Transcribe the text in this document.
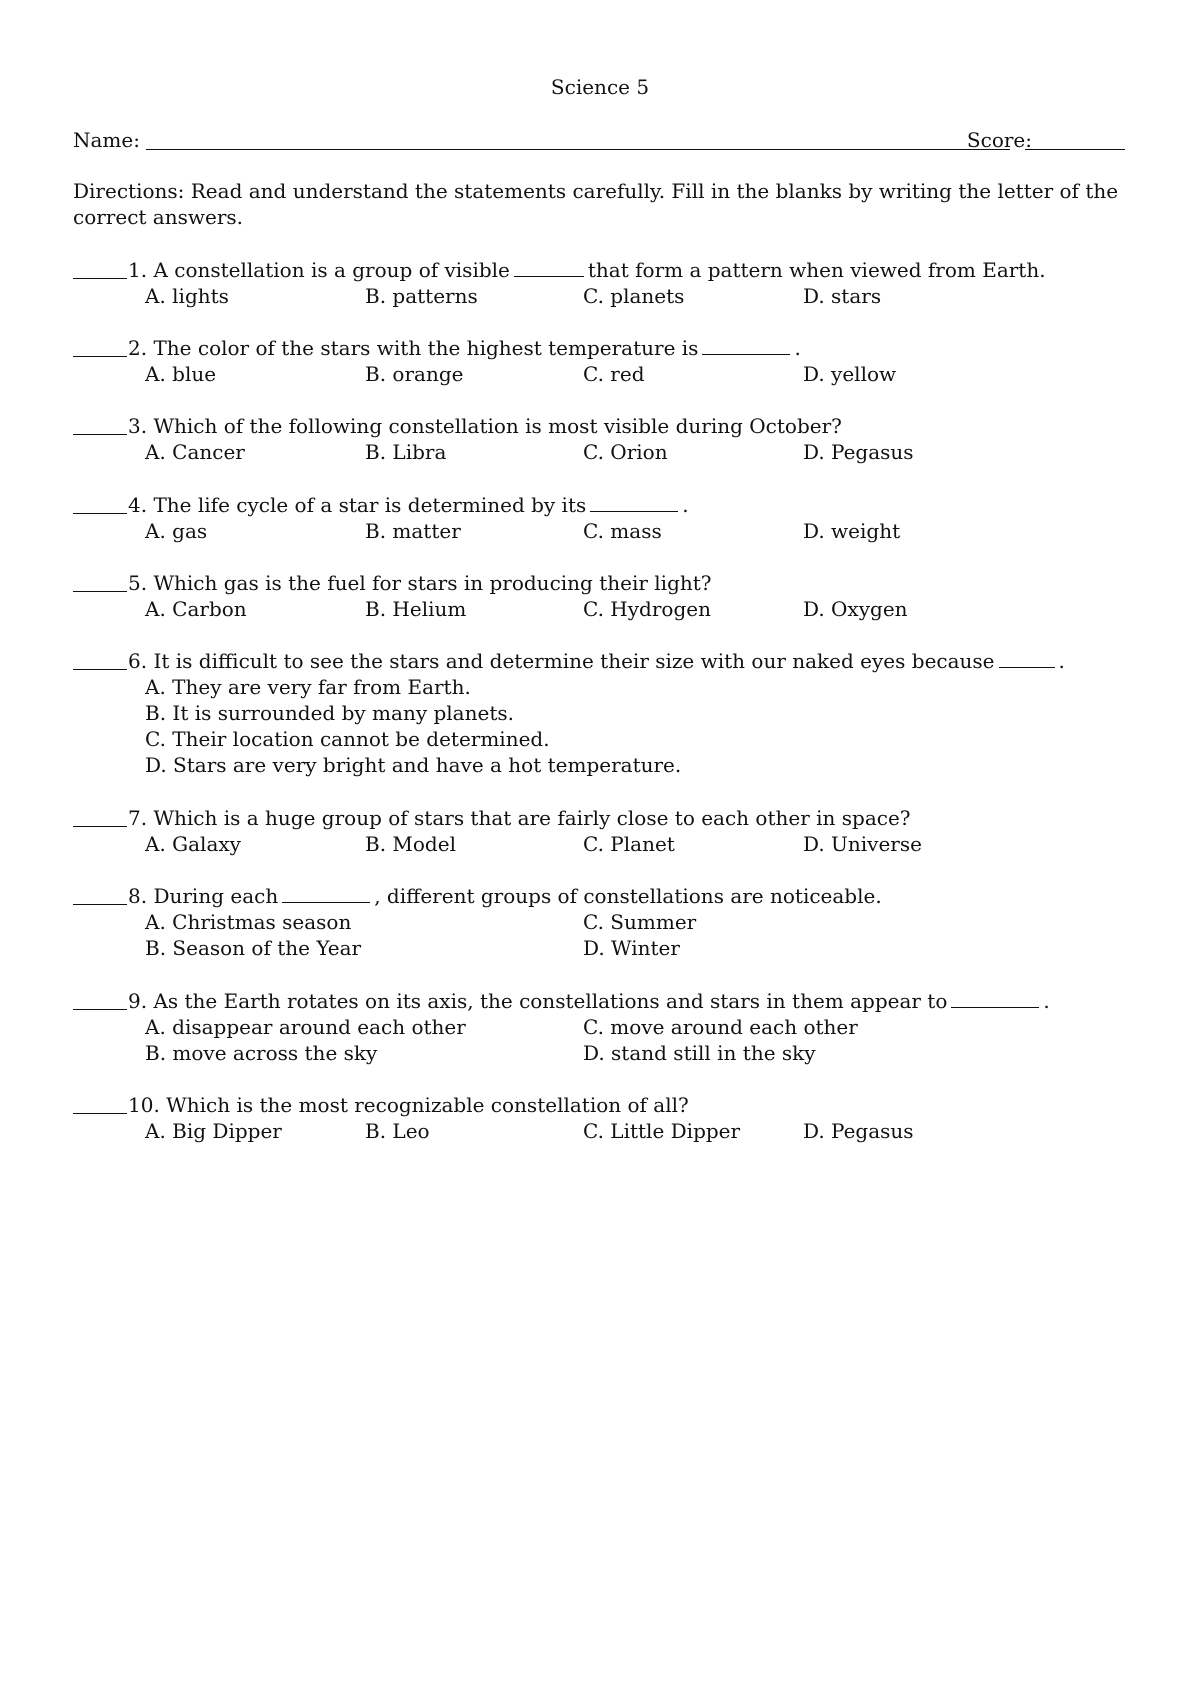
Science 5
Name:	Score:
Directions: Read and understand the statements carefully. Fill in the blanks by writing the letter of the correct answers.
1. A constellation is a group of visible	that form a pattern when viewed from Earth.
A. lights	B. patterns	C. planets	D. stars
2. The color of the stars with the highest temperature is	.
A. blue	B. orange	C. red	D. yellow
3. Which of the following constellation is most visible during October?
A. Cancer	B. Libra	C. Orion	D. Pegasus
4. The life cycle of a star is determined by its	.
A. gas	B. matter	C. mass	D. weight
5. Which gas is the fuel for stars in producing their light?
A. Carbon	B. Helium	C. Hydrogen	D. Oxygen
6. It is difficult to see the stars and determine their size with our naked eyes because	.
A. They are very far from Earth.
B. It is surrounded by many planets.
C. Their location cannot be determined.
D. Stars are very bright and have a hot temperature.
7. Which is a huge group of stars that are fairly close to each other in space?
A. Galaxy	B. Model	C. Planet	D. Universe
8. During each	, different groups of constellations are noticeable.
A. Christmas season
B. Season of the Year
C. Summer
D. Winter
9. As the Earth rotates on its axis, the constellations and stars in them appear to	.
A. disappear around each other
B. move across the sky
C. move around each other
D. stand still in the sky
10. Which is the most recognizable constellation of all?
A. Big Dipper	B. Leo	C. Little Dipper	D. Pegasus
